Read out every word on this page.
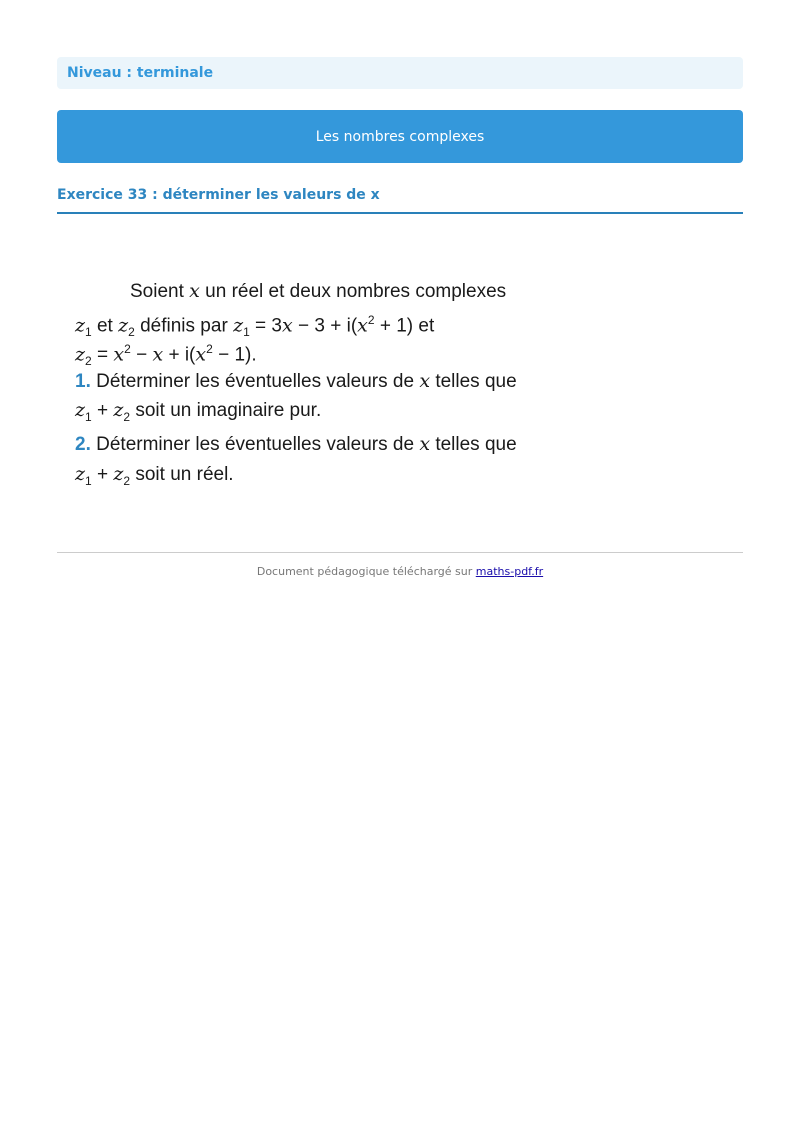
Niveau : terminale
Les nombres complexes
Exercice 33 : déterminer les valeurs de x
Soient x un réel et deux nombres complexes
$z_1$ et $z_2$ définis par $z_1 = 3x - 3 + i(x^2 + 1)$ et
$z_2 = x^2 - x + i(x^2 - 1)$.
1. Déterminer les éventuelles valeurs de x telles que
$z_1 + z_2$ soit un imaginaire pur.
2. Déterminer les éventuelles valeurs de x telles que
$z_1 + z_2$ soit un réel.
Document pédagogique téléchargé sur maths-pdf.fr
